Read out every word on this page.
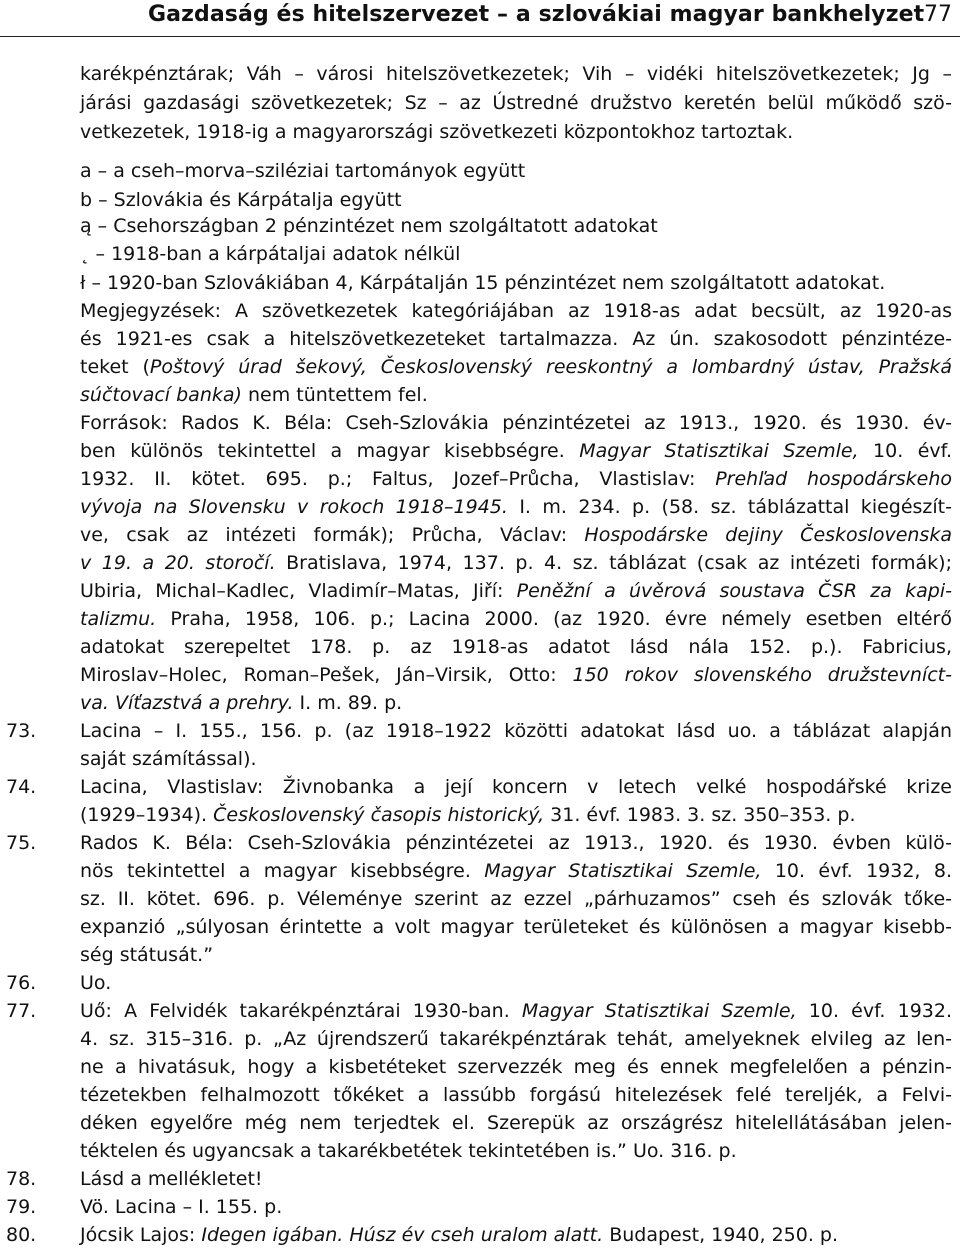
Gazdaság és hitelszervezet – a szlovákiai magyar bankhelyzet 77
karékpénztárak; Váh – városi hitelszövetkezetek; Vih – vidéki hitelszövetkezetek; Jg –
járási gazdasági szövetkezetek; Sz – az Ústredné družstvo keretén belül működő szö-
vetkezetek, 1918-ig a magyarországi szövetkezeti központokhoz tartoztak.
a – a cseh–morva–sziléziai tartományok együtt
b – Szlovákia és Kárpátalja együtt
ą – Csehországban 2 pénzintézet nem szolgáltatott adatokat
˛ – 1918-ban a kárpátaljai adatok nélkül
ł – 1920-ban Szlovákiában 4, Kárpátalján 15 pénzintézet nem szolgáltatott adatokat.
Megjegyzések: A szövetkezetek kategóriájában az 1918-as adat becsült, az 1920-as
és 1921-es csak a hitelszövetkezeteket tartalmazza. Az ún. szakosodott pénzintéze-
teket (Poštový úrad šekový, Československý reeskontný a lombardný ústav, Pražská
súčtovací banka) nem tüntettem fel.
Források: Rados K. Béla: Cseh-Szlovákia pénzintézetei az 1913., 1920. és 1930. év-
ben különös tekintettel a magyar kisebbségre. Magyar Statisztikai Szemle, 10. évf.
1932. II. kötet. 695. p.; Faltus, Jozef–Průcha, Vlastislav: Prehľad hospodárskeho
vývoja na Slovensku v rokoch 1918–1945. I. m. 234. p. (58. sz. táblázattal kiegészít-
ve, csak az intézeti formák); Průcha, Václav: Hospodárske dejiny Československa
v 19. a 20. storočí. Bratislava, 1974, 137. p. 4. sz. táblázat (csak az intézeti formák);
Ubiria, Michal–Kadlec, Vladimír–Matas, Jiří: Peněžní a úvěrová soustava ČSR za kapi-
talizmu. Praha, 1958, 106. p.; Lacina 2000. (az 1920. évre némely esetben eltérő
adatokat szerepeltet 178. p. az 1918-as adatot lásd nála 152. p.). Fabricius,
Miroslav–Holec, Roman–Pešek, Ján–Virsik, Otto: 150 rokov slovenského družstevníct-
va. Víťazstvá a prehry. I. m. 89. p.
73. Lacina – I. 155., 156. p. (az 1918–1922 közötti adatokat lásd uo. a táblázat alapján
saját számítással).
74. Lacina, Vlastislav: Živnobanka a její koncern v letech velké hospodářské krize
(1929–1934). Československý časopis historický, 31. évf. 1983. 3. sz. 350–353. p.
75. Rados K. Béla: Cseh-Szlovákia pénzintézetei az 1913., 1920. és 1930. évben külö-
nös tekintettel a magyar kisebbségre. Magyar Statisztikai Szemle, 10. évf. 1932, 8.
sz. II. kötet. 696. p. Véleménye szerint az ezzel „párhuzamos” cseh és szlovák tőke-
expanzió „súlyosan érintette a volt magyar területeket és különösen a magyar kisebb-
ség státusát.”
76. Uo.
77. Uő: A Felvidék takarékpénztárai 1930-ban. Magyar Statisztikai Szemle, 10. évf. 1932.
4. sz. 315–316. p. „Az újrendszerű takarékpénztárak tehát, amelyeknek elvileg az len-
ne a hivatásuk, hogy a kisbetéteket szervezzék meg és ennek megfelelően a pénzin-
tézetekben felhalmozott tőkéket a lassúbb forgású hitelezések felé tereljék, a Felvi-
déken egyelőre még nem terjedtek el. Szerepük az országrész hitelellátásában jelen-
téktelen és ugyancsak a takarékbetétek tekintetében is.” Uo. 316. p.
78. Lásd a mellékletet!
79. Vö. Lacina – I. 155. p.
80. Jócsik Lajos: Idegen igában. Húsz év cseh uralom alatt. Budapest, 1940, 250. p.
